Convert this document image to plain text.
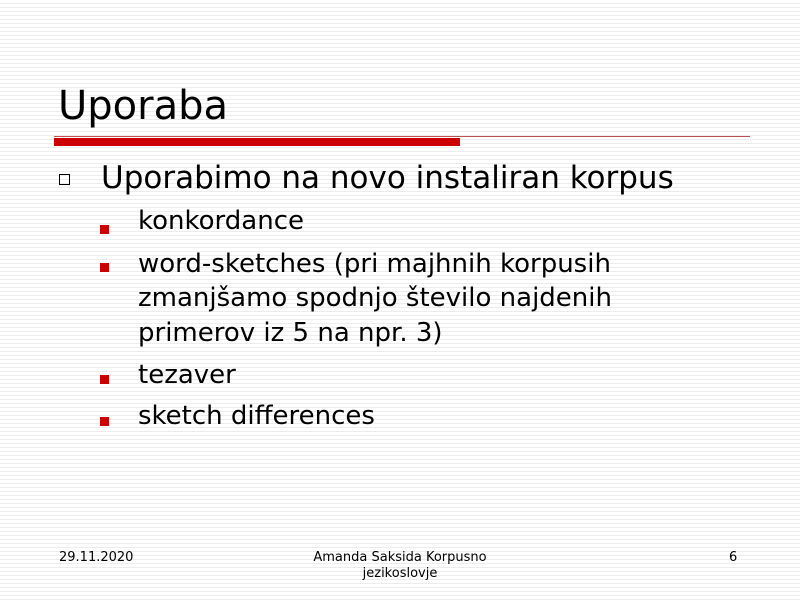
Uporaba
Uporabimo na novo instaliran korpus
konkordance
word-sketches (pri majhnih korpusih
zmanjšamo spodnjo število najdenih
primerov iz 5 na npr. 3)
tezaver
sketch differences
29.11.2020	Amanda Saksida Korpusno
jezikoslovje
6
